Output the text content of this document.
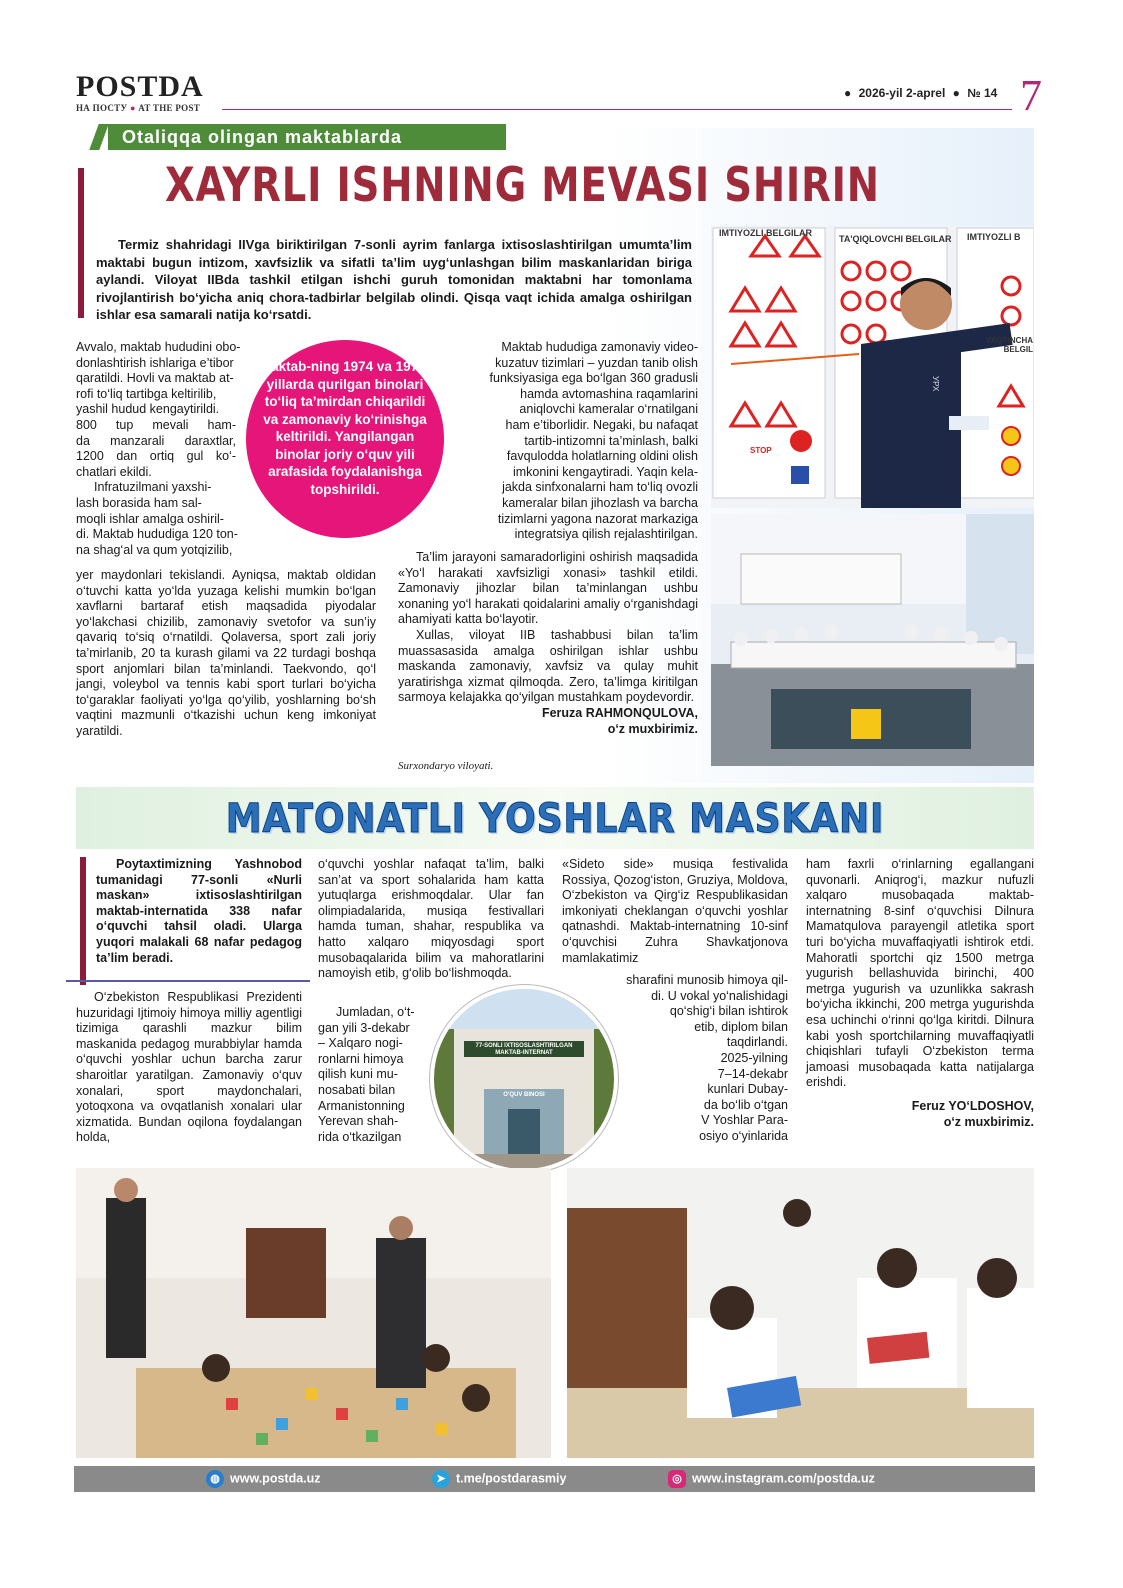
POSTDA
НА ПОСТУ ● AT THE POST
● 2026-yil 2-aprel ● № 14 7
Otaliqqa olingan maktablarda
XAYRLI ISHNING MEVASI SHIRIN
Termiz shahridagi IIVga biriktirilgan 7-sonli ayrim fanlarga ixtisoslashtirilgan umumta’lim maktabi bugun intizom, xavfsizlik va sifatli ta’lim uyg‘unlashgan bilim maskanlaridan biriga aylandi. Viloyat IIBda tashkil etilgan ishchi guruh tomonidan maktabni har tomonlama rivojlantirish bo‘yicha aniq chora-tadbirlar belgilab olindi. Qisqa vaqt ichida amalga oshirilgan ishlar esa samarali natija ko‘rsatdi.
Avvalo, maktab hududini obo-
donlashtirish ishlariga e’tibor
qaratildi. Hovli va maktab at-
rofi to‘liq tartibga keltirilib,
yashil hudud kengaytirildi.
800 tup mevali ham-
da manzarali daraxtlar,
1200 dan ortiq gul ko‘-
chatlari ekildi.
Infratuzilmani yaxshi-
lash borasida ham sal-
moqli ishlar amalga oshiril-
di. Maktab hududiga 120 ton-
na shag‘al va qum yotqizilib,

yer maydonlari tekislandi. Ayniqsa, maktab oldidan o‘tuvchi katta yo‘lda yuzaga kelishi mumkin bo‘lgan xavflarni bartaraf etish maqsadida piyodalar yo‘lakchasi chizilib, zamonaviy svetofor va sun’iy qavariq to‘siq o‘rnatildi. Qolaversa, sport zali joriy ta’mirlanib, 20 ta kurash gilami va 22 turdagi boshqa sport anjomlari bilan ta’minlandi. Taekvondo, qo‘l jangi, voleybol va tennis kabi sport turlari bo‘yicha to‘garaklar faoliyati yo‘lga qo‘yilib, yoshlarning bo‘sh vaqtini mazmunli o‘tkazishi uchun keng imkoniyat yaratildi.

Maktab-ning 1974 va 1978-yillarda qurilgan binolari to‘liq ta’mirdan chiqarildi va zamonaviy ko‘rinishga keltirildi. Yangilangan binolar joriy o‘quv yili arafasida foydalanishga topshirildi.
Maktab hududiga zamonaviy video-
kuzatuv tizimlari – yuzdan tanib olish
funksiyasiga ega bo‘lgan 360 gradusli
hamda avtomashina raqamlarini
aniqlovchi kameralar o‘rnatilgani
ham e’tiborlidir. Negaki, bu nafaqat
tartib-intizomni ta’minlash, balki
favqulodda holatlarning oldini olish
imkonini kengaytiradi. Yaqin kela-
jakda sinfxonalarni ham to‘liq ovozli
kameralar bilan jihozlash va barcha
tizimlarni yagona nazorat markaziga
integratsiya qilish rejalashtirilgan.

Ta’lim jarayoni samaradorligini oshirish maqsadida «Yo‘l harakati xavfsizligi xonasi» tashkil etildi. Zamonaviy jihozlar bilan ta’minlangan ushbu xonaning yo‘l harakati qoidalarini amaliy o‘rganishdagi ahamiyati katta bo‘layotir.

Xullas, viloyat IIB tashabbusi bilan ta’lim muassasasida amalga oshirilgan ishlar ushbu maskanda zamonaviy, xavfsiz va qulay muhit yaratirishga xizmat qilmoqda. Zero, ta’limga kiritilgan sarmoya kelajakka qo‘yilgan mustahkam poydevordir.

Feruza RAHMONQULOVA,
o‘z muxbirimiz.
Surxondaryo viloyati.
IMTIYOZLI BELGILAR
TA'QIQLOVCHI BELGILAR IMTIYOZLI B
VAQTINCHA BELGIL
STOP
УРХ
MATONATLI YOSHLAR MASKANI
Poytaxtimizning Yashnobod tumanidagi 77-sonli «Nurli maskan» ixtisoslashtirilgan maktab-internatida 338 nafar o‘quvchi tahsil oladi. Ularga yuqori malakali 68 nafar pedagog ta’lim beradi.

O‘zbekiston Respublikasi Prezidenti huzuridagi Ijtimoiy himoya milliy agentligi tizimiga qarashli mazkur bilim maskanida pedagog murabbiylar hamda o‘quvchi yoshlar uchun barcha zarur sharoitlar yaratilgan. Zamonaviy o‘quv xonalari, sport maydonchalari, yotoqxona va ovqatlanish xonalari ular xizmatida. Bundan oqilona foydalangan holda,

o‘quvchi yoshlar nafaqat ta’lim, balki san’at va sport sohalarida ham katta yutuqlarga erishmoqdalar. Ular fan olimpiadalarida, musiqa festivallari hamda tuman, shahar, respublika va hatto xalqaro miqyosdagi sport musobaqalarida bilim va mahoratlarini namoyish etib, g‘olib bo‘lishmoqda.

Jumladan, o‘t-
gan yili 3-dekabr
– Xalqaro nogi-
ronlarni himoya
qilish kuni mu-
nosabati bilan
Armanistonning
Yerevan shah-
rida o‘tkazilgan

«Sideto side» musiqa festivalida Rossiya, Qozog‘iston, Gruziya, Moldova, O‘zbekiston va Qirg‘iz Respublikasidan imkoniyati cheklangan o‘quvchi yoshlar qatnashdi. Maktab-internatning 10-sinf o‘quvchisi Zuhra Shavkatjonova mamlakatimiz

sharafini munosib himoya qil-
di. U vokal yo‘nalishidagi
qo‘shig‘i bilan ishtirok
etib, diplom bilan
taqdirlandi.
2025-yilning
7–14-dekabr
kunlari Dubay-
da bo‘lib o‘tgan
V Yoshlar Para-
osiyo o‘yinlarida

ham faxrli o‘rinlarning egallangani quvonarli. Aniqrog‘i, mazkur nufuzli xalqaro musobaqada maktab-internatning 8-sinf o‘quvchisi Dilnura Mamatqulova parayengil atletika sport turi bo‘yicha muvaffaqiyatli ishtirok etdi. Mahoratli sportchi qiz 1500 metrga yugurish bellashuvida birinchi, 400 metrga yugurish va uzunlikka sakrash bo‘yicha ikkinchi, 200 metrga yugurishda esa uchinchi o‘rinni qo‘lga kiritdi. Dilnura kabi yosh sportchilarning muvaffaqiyatli chiqishlari tufayli O‘zbekiston terma jamoasi musobaqada katta natijalarga erishdi.

Feruz YO‘LDOSHOV,
o‘z muxbirimiz.
77-SONLI IXTISOSLASHTIRILGAN MAKTAB-INTERNAT
O'QUV BINOSI
◍ www.postda.uz	➤ t.me/postdarasmiy	◎ www.instagram.com/postda.uz
